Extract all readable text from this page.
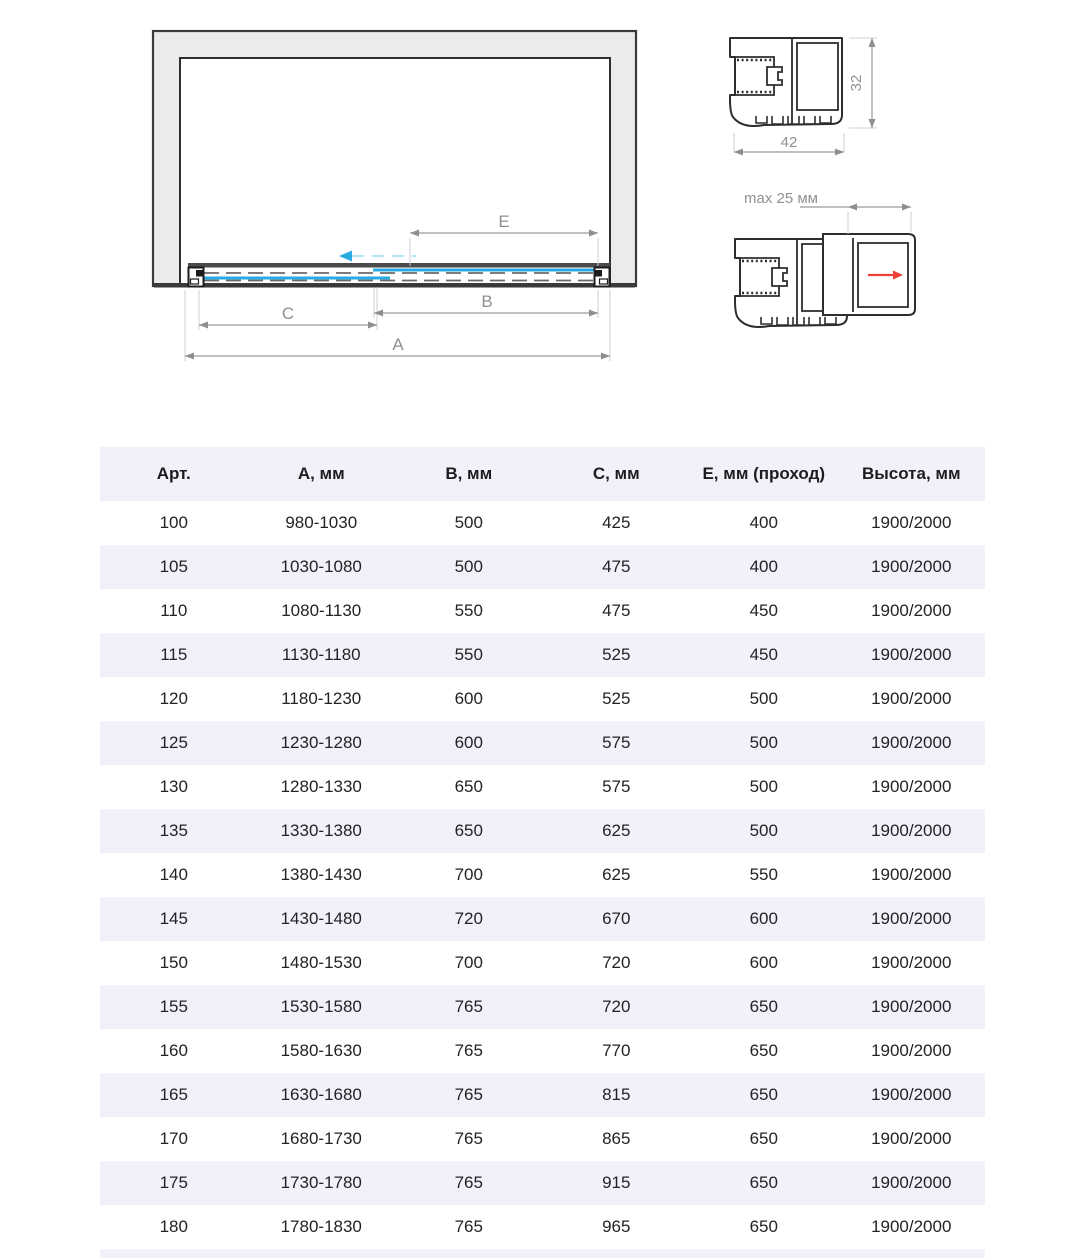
E
B
C
A
42
32
max 25 мм
Арт.	А, мм	В, мм	С, мм	Е, мм (проход)	Высота, мм
100	980-1030	500	425	400	1900/2000
105	1030-1080	500	475	400	1900/2000
110	1080-1130	550	475	450	1900/2000
115	1130-1180	550	525	450	1900/2000
120	1180-1230	600	525	500	1900/2000
125	1230-1280	600	575	500	1900/2000
130	1280-1330	650	575	500	1900/2000
135	1330-1380	650	625	500	1900/2000
140	1380-1430	700	625	550	1900/2000
145	1430-1480	720	670	600	1900/2000
150	1480-1530	700	720	600	1900/2000
155	1530-1580	765	720	650	1900/2000
160	1580-1630	765	770	650	1900/2000
165	1630-1680	765	815	650	1900/2000
170	1680-1730	765	865	650	1900/2000
175	1730-1780	765	915	650	1900/2000
180	1780-1830	765	965	650	1900/2000
